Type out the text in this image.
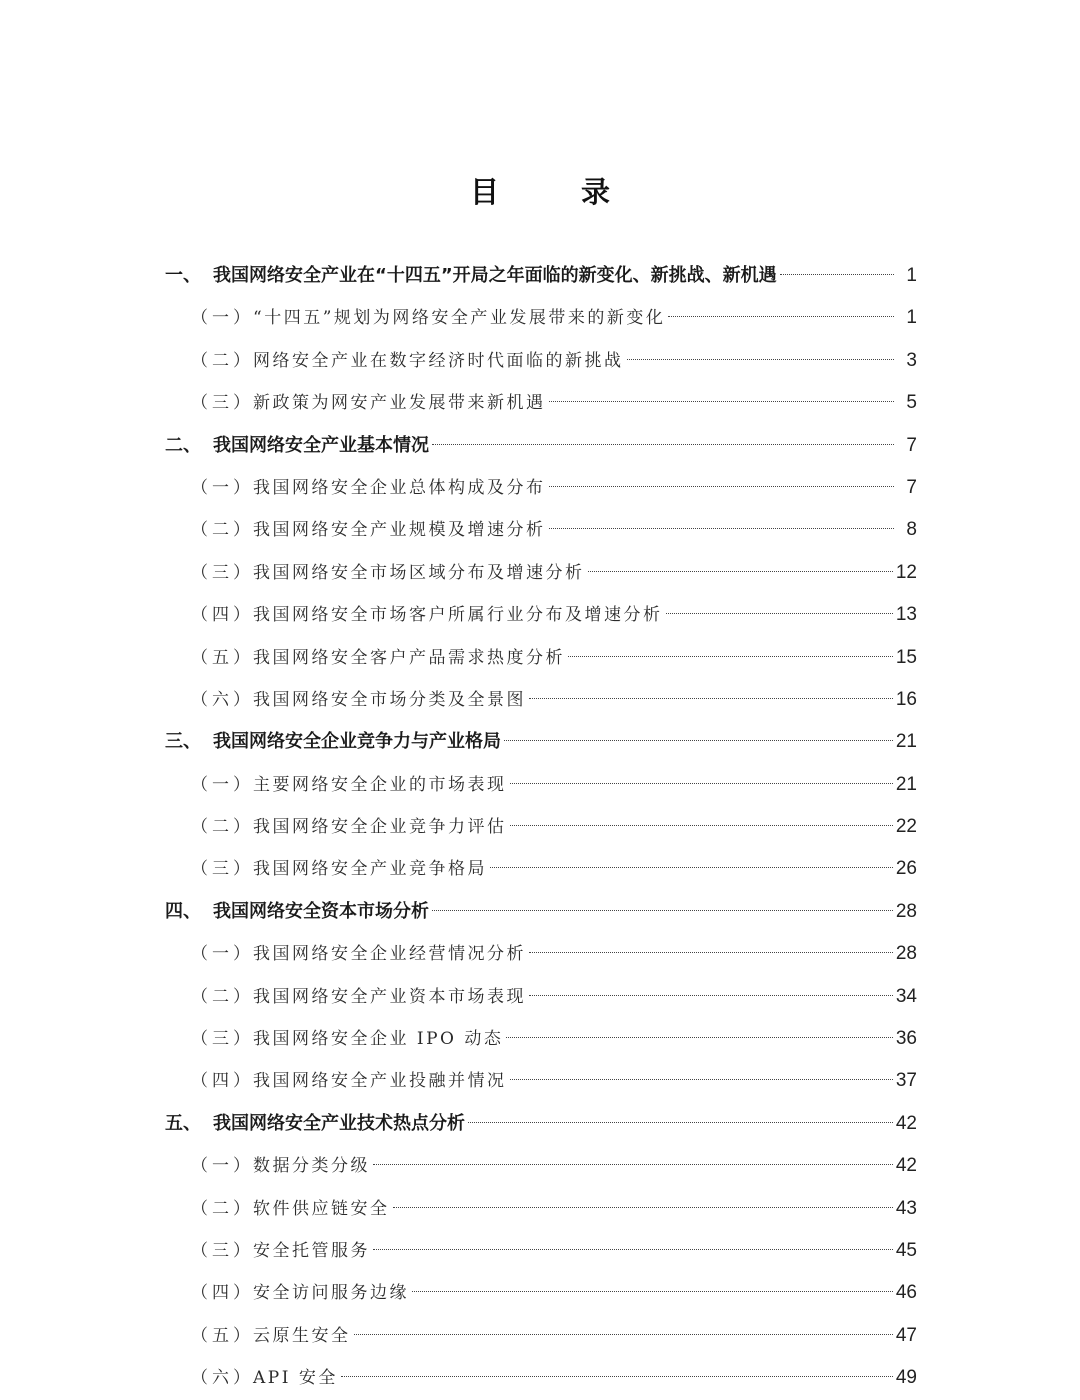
目 录
一、 我国网络安全产业在“十四五”开局之年面临的新变化、新挑战、新机遇	1
（一） “十四五”规划为网络安全产业发展带来的新变化	1
（二） 网络安全产业在数字经济时代面临的新挑战	3
（三） 新政策为网安产业发展带来新机遇	5
二、 我国网络安全产业基本情况	7
（一） 我国网络安全企业总体构成及分布	7
（二） 我国网络安全产业规模及增速分析	8
（三） 我国网络安全市场区域分布及增速分析	12
（四） 我国网络安全市场客户所属行业分布及增速分析	13
（五） 我国网络安全客户产品需求热度分析	15
（六） 我国网络安全市场分类及全景图	16
三、 我国网络安全企业竞争力与产业格局	21
（一） 主要网络安全企业的市场表现	21
（二） 我国网络安全企业竞争力评估	22
（三） 我国网络安全产业竞争格局	26
四、 我国网络安全资本市场分析	28
（一） 我国网络安全企业经营情况分析	28
（二） 我国网络安全产业资本市场表现	34
（三） 我国网络安全企业 IPO 动态	36
（四） 我国网络安全产业投融并情况	37
五、 我国网络安全产业技术热点分析	42
（一） 数据分类分级	42
（二） 软件供应链安全	43
（三） 安全托管服务	45
（四） 安全访问服务边缘	46
（五） 云原生安全	47
（六） API 安全	49
